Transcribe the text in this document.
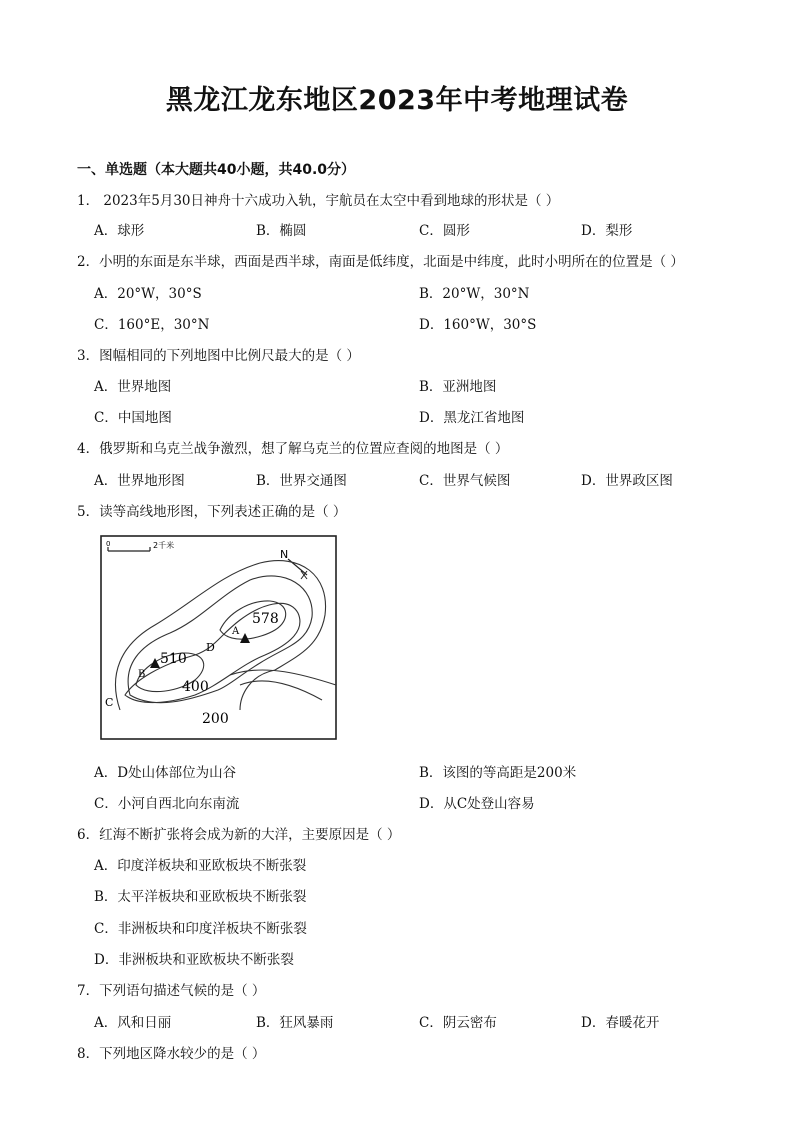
黑龙江龙东地区2023年中考地理试卷
一、单选题（本大题共40小题，共40.0分）
1． 2023年5月30日神舟十六成功入轨，宇航员在太空中看到地球的形状是（ ）
A．球形	B．椭圆	C．圆形	D．梨形
2．小明的东面是东半球，西面是西半球，南面是低纬度，北面是中纬度，此时小明所在的位置是（ ）
A．20°W，30°S	B．20°W，30°N
C．160°E，30°N	D．160°W，30°S
3．图幅相同的下列地图中比例尺最大的是（ ）
A．世界地图	B．亚洲地图
C．中国地图	D．黑龙江省地图
4．俄罗斯和乌克兰战争激烈，想了解乌克兰的位置应查阅的地图是（ ）
A．世界地形图	B．世界交通图	C．世界气候图	D．世界政区图
5．读等高线地形图，下列表述正确的是（ ）
0	2千米
N
A
578
B
510
D
C
400
200
A．D处山体部位为山谷	B．该图的等高距是200米
C．小河自西北向东南流	D．从C处登山容易
6．红海不断扩张将会成为新的大洋，主要原因是（ ）
A．印度洋板块和亚欧板块不断张裂
B．太平洋板块和亚欧板块不断张裂
C．非洲板块和印度洋板块不断张裂
D．非洲板块和亚欧板块不断张裂
7．下列语句描述气候的是（ ）
A．风和日丽	B．狂风暴雨	C．阴云密布	D．春暖花开
8．下列地区降水较少的是（ ）
